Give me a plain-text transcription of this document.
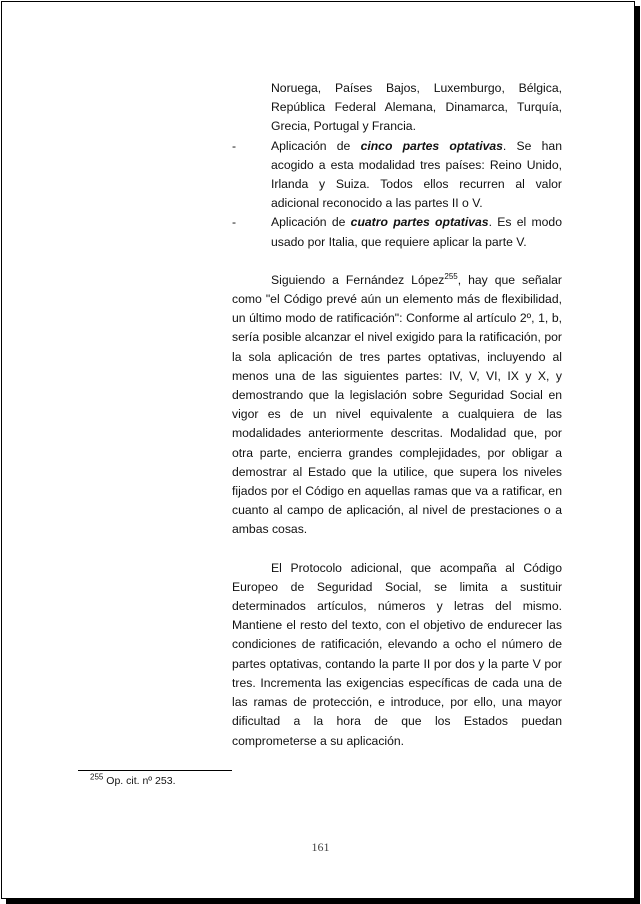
Noruega, Países Bajos, Luxemburgo, Bélgica, República Federal Alemana, Dinamarca, Turquía, Grecia, Portugal y Francia.
-	Aplicación de cinco partes optativas. Se han acogido a esta modalidad tres países: Reino Unido, Irlanda y Suiza. Todos ellos recurren al valor adicional reconocido a las partes II o V.
-	Aplicación de cuatro partes optativas. Es el modo usado por Italia, que requiere aplicar la parte V.

Siguiendo a Fernández López$^{255}$, hay que señalar como "el Código prevé aún un elemento más de flexibilidad, un último modo de ratificación": Conforme al artículo 2º, 1, b, sería posible alcanzar el nivel exigido para la ratificación, por la sola aplicación de tres partes optativas, incluyendo al menos una de las siguientes partes: IV, V, VI, IX y X, y demostrando que la legislación sobre Seguridad Social en vigor es de un nivel equivalente a cualquiera de las modalidades anteriormente descritas. Modalidad que, por otra parte, encierra grandes complejidades, por obligar a demostrar al Estado que la utilice, que supera los niveles fijados por el Código en aquellas ramas que va a ratificar, en cuanto al campo de aplicación, al nivel de prestaciones o a ambas cosas.

El Protocolo adicional, que acompaña al Código Europeo de Seguridad Social, se limita a sustituir determinados artículos, números y letras del mismo. Mantiene el resto del texto, con el objetivo de endurecer las condiciones de ratificación, elevando a ocho el número de partes optativas, contando la parte II por dos y la parte V por tres. Incrementa las exigencias específicas de cada una de las ramas de protección, e introduce, por ello, una mayor dificultad a la hora de que los Estados puedan comprometerse a su aplicación.

$^{255}$ Op. cit. nº 253.
161
